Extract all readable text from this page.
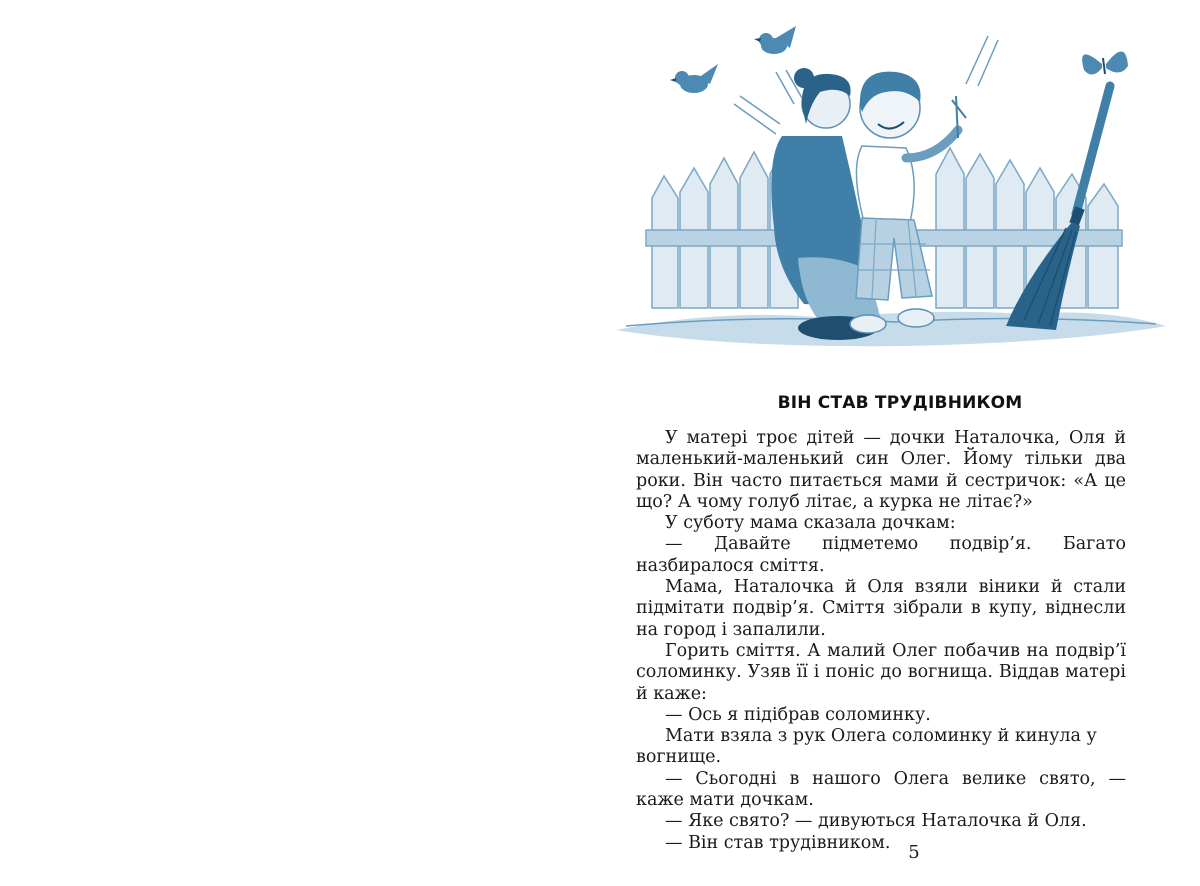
ВІН СТАВ ТРУДІВНИКОМ

У матері троє дітей — дочки Наталочка, Оля й маленький-маленький син Олег. Йому тільки два роки. Він часто питається мами й сестричок: «А це що? А чому голуб літає, а курка не літає?»

У суботу мама сказала дочкам:

— Давайте підметемо подвір’я. Багато назбиралося сміття.

Мама, Наталочка й Оля взяли віники й стали підмітати подвір’я. Сміття зібрали в купу, віднесли на город і запалили.

Горить сміття. А малий Олег побачив на подвір’ї соломинку. Узяв її і поніс до вогнища. Віддав матері й каже:

— Ось я підібрав соломинку.

Мати взяла з рук Олега соломинку й кинула у вогнище.

— Сьогодні в нашого Олега велике свято, — каже мати дочкам.

— Яке свято? — дивуються Наталочка й Оля.

— Він став трудівником. 5
